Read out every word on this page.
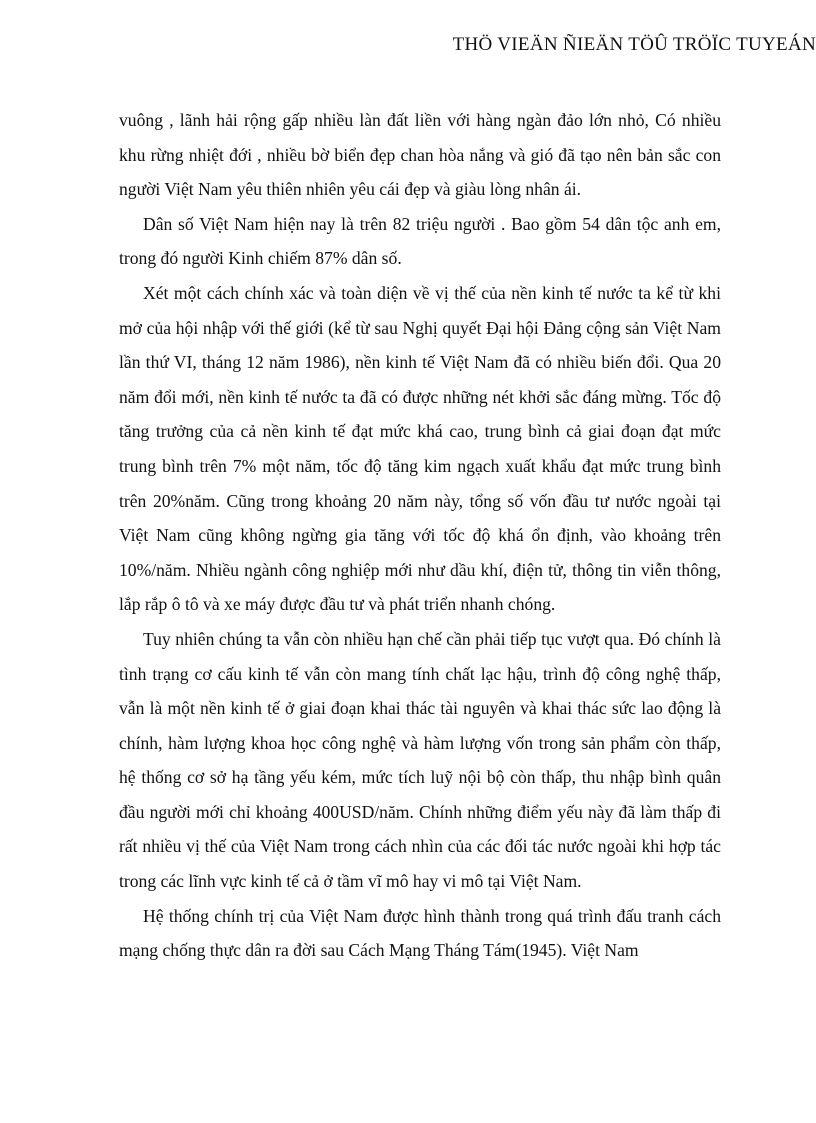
THÖ VIEÄN ÑIEÄN TÖÛ TRÖÏC TUYEÁN

vuông , lãnh hải rộng gấp nhiều làn đất liền với hàng ngàn đảo lớn nhỏ, Có nhiều khu rừng nhiệt đới , nhiều bờ biển đẹp chan hòa nắng và gió đã tạo nên bản sắc con người Việt Nam yêu thiên nhiên yêu cái đẹp và giàu lòng nhân ái.

Dân số Việt Nam hiện nay là trên 82 triệu người . Bao gồm 54 dân tộc anh em, trong đó người Kinh chiếm 87% dân số.

Xét một cách chính xác và toàn diện về vị thế của nền kinh tế nước ta kể từ khi mở của hội nhập với thế giới (kể từ sau Nghị quyết Đại hội Đảng cộng sản Việt Nam lần thứ VI, tháng 12 năm 1986), nền kinh tế Việt Nam đã có nhiều biến đổi. Qua 20 năm đổi mới, nền kinh tế nước ta đã có được những nét khởi sắc đáng mừng. Tốc độ tăng trưởng của cả nền kinh tế đạt mức khá cao, trung bình cả giai đoạn đạt mức trung bình trên 7% một năm, tốc độ tăng kim ngạch xuất khẩu đạt mức trung bình trên 20%năm. Cũng trong khoảng 20 năm này, tổng số vốn đầu tư nước ngoài tại Việt Nam cũng không ngừng gia tăng với tốc độ khá ổn định, vào khoảng trên 10%/năm. Nhiều ngành công nghiệp mới như dầu khí, điện tử, thông tin viễn thông, lắp rắp ô tô và xe máy được đầu tư và phát triển nhanh chóng.

Tuy nhiên chúng ta vẫn còn nhiều hạn chế cần phải tiếp tục vượt qua. Đó chính là tình trạng cơ cấu kinh tế vẫn còn mang tính chất lạc hậu, trình độ công nghệ thấp, vẫn là một nền kinh tế ở giai đoạn khai thác tài nguyên và khai thác sức lao động là chính, hàm lượng khoa học công nghệ và hàm lượng vốn trong sản phẩm còn thấp, hệ thống cơ sở hạ tầng yếu kém, mức tích luỹ nội bộ còn thấp, thu nhập bình quân đầu người mới chỉ khoảng 400USD/năm. Chính những điểm yếu này đã làm thấp đi rất nhiều vị thế của Việt Nam trong cách nhìn của các đối tác nước ngoài khi hợp tác trong các lĩnh vực kinh tế cả ở tầm vĩ mô hay vi mô tại Việt Nam.

Hệ thống chính trị của Việt Nam được hình thành trong quá trình đấu tranh cách mạng chống thực dân ra đời sau Cách Mạng Tháng Tám(1945). Việt Nam
